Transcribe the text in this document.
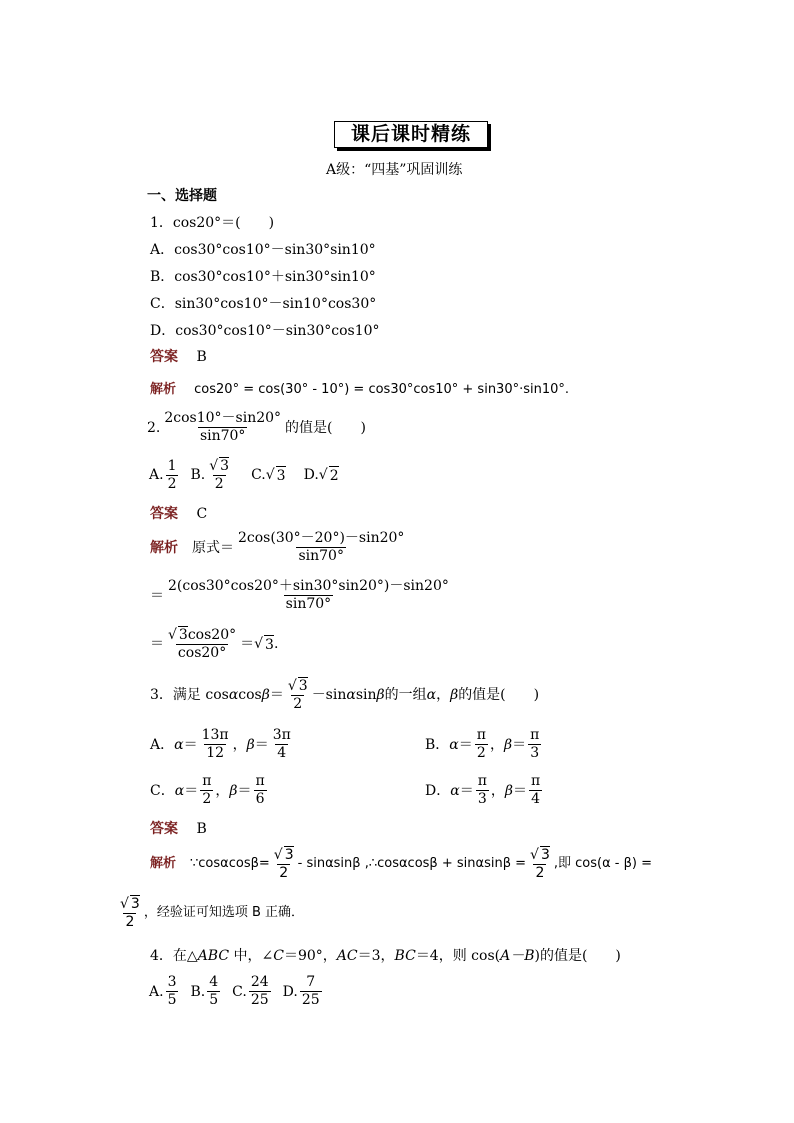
课后课时精练
A级：“四基”巩固训练
一、选择题
1．cos20°＝(　　)
A．cos30°cos10°－sin30°sin10°
B．cos30°cos10°＋sin30°sin10°
C．sin30°cos10°－sin10°cos30°
D．cos30°cos10°－sin30°cos10°
答案 B
解析 cos20° = cos(30° - 10°) = cos30°cos10° + sin30°·sin10°.
2. $\frac{2\cos 10^\circ-\sin 20^\circ}{\sin 70^\circ}$ 的值是(　　)
A. $\frac{1}{2} B$. $\frac{√ 3}{2} C$. √ 3 D. √ 2
答案 C
解析 原式＝ $\frac{2\cos(30^\circ-20^\circ)-\sin 20^\circ}{\sin 70^\circ}$
＝ $\frac{2(\cos 30^\circ\cos 20^\circ+\sin 30^\circ\sin 20^\circ)-\sin 20^\circ}{\sin 70^\circ}$
＝ $\frac{√ 3\cos 20^\circ}{\cos 20^\circ}$ ＝ √ 3 .
3．满足 cos α $\cos \beta = \frac{√ 3}{2} -\sin$ α sin β 的一组 α ， β 的值是(　　)
A． $\alpha = \frac{13\pi}{12}$ ， $\beta = \frac{3\pi}{4}$	B． $\alpha = \frac{\pi}{2}$ ， $\beta = \frac{\pi}{3}$
C． $\alpha = \frac{\pi}{2}$ ， $\beta = \frac{\pi}{6}$	D． $\alpha = \frac{\pi}{3}$ ， $\beta = \frac{\pi}{4}$
答案 B
解析 ∵cosαcosβ= $\frac{√ 3}{2}$ - sinαsinβ ,∴cosαcosβ + $\sin\alpha\sin\beta = \frac{√ 3}{2}$ ,即 cos(α - β) =
$\frac{√ 3}{2}$ ，经验证可知选项 B 正确．
4．在△ABC 中，∠C＝90°，AC＝3，BC＝4，则 cos(A－B)的值是(　　)
A. $\frac{3}{5} B$. $\frac{4}{5} C$. $\frac{24}{25} D$. $\frac{7}{25}$
